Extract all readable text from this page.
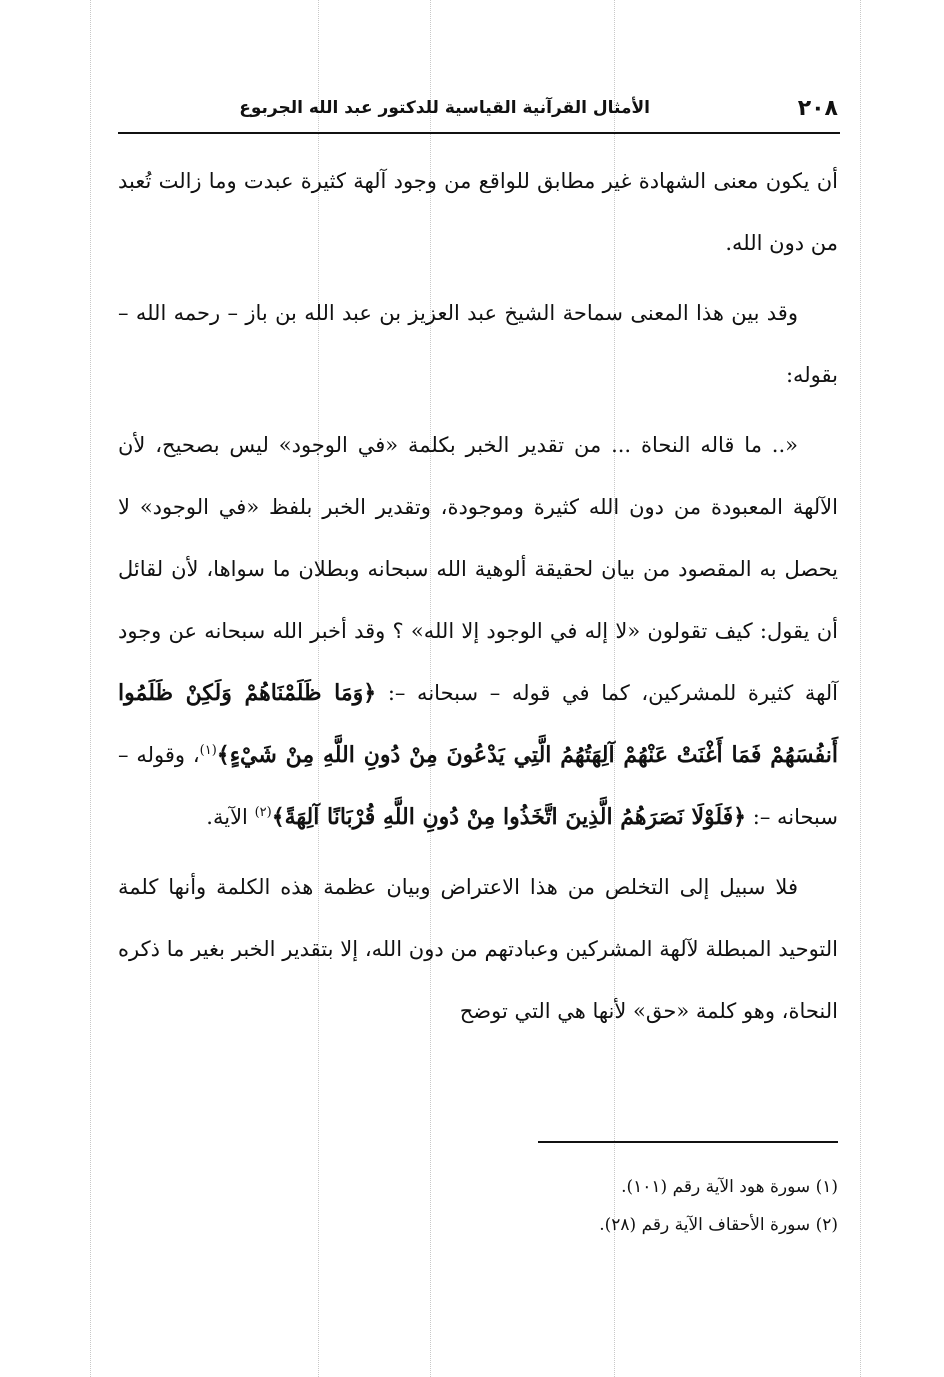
٢٠٨
الأمثال القرآنية القياسية للدكتور عبد الله الجربوع

أن يكون معنى الشهادة غير مطابق للواقع من وجود آلهة كثيرة عبدت وما زالت تُعبد من دون الله.

وقد بين هذا المعنى سماحة الشيخ عبد العزيز بن عبد الله بن باز – رحمه الله – بقوله:

«.. ما قاله النحاة ... من تقدير الخبر بكلمة «في الوجود» ليس بصحيح، لأن الآلهة المعبودة من دون الله كثيرة وموجودة، وتقدير الخبر بلفظ «في الوجود» لا يحصل به المقصود من بيان لحقيقة ألوهية الله سبحانه وبطلان ما سواها، لأن لقائل أن يقول: كيف تقولون «لا إله في الوجود إلا الله» ؟ وقد أخبر الله سبحانه عن وجود آلهة كثيرة للمشركين، كما في قوله – سبحانه –: ﴿وَمَا ظَلَمْنَاهُمْ وَلَكِنْ ظَلَمُوا أَنفُسَهُمْ فَمَا أَغْنَتْ عَنْهُمْ آلِهَتُهُمُ الَّتِي يَدْعُونَ مِنْ دُونِ اللَّهِ مِنْ شَيْءٍ﴾$^{(١)}$، وقوله – سبحانه –: ﴿فَلَوْلَا نَصَرَهُمُ الَّذِينَ اتَّخَذُوا مِنْ دُونِ اللَّهِ قُرْبَانًا آلِهَةً﴾$^{(٢)}$ الآية.

فلا سبيل إلى التخلص من هذا الاعتراض وبيان عظمة هذه الكلمة وأنها كلمة التوحيد المبطلة لآلهة المشركين وعبادتهم من دون الله، إلا بتقدير الخبر بغير ما ذكره النحاة، وهو كلمة «حق» لأنها هي التي توضح

(١) سورة هود الآية رقم (١٠١).

(٢) سورة الأحقاف الآية رقم (٢٨).
